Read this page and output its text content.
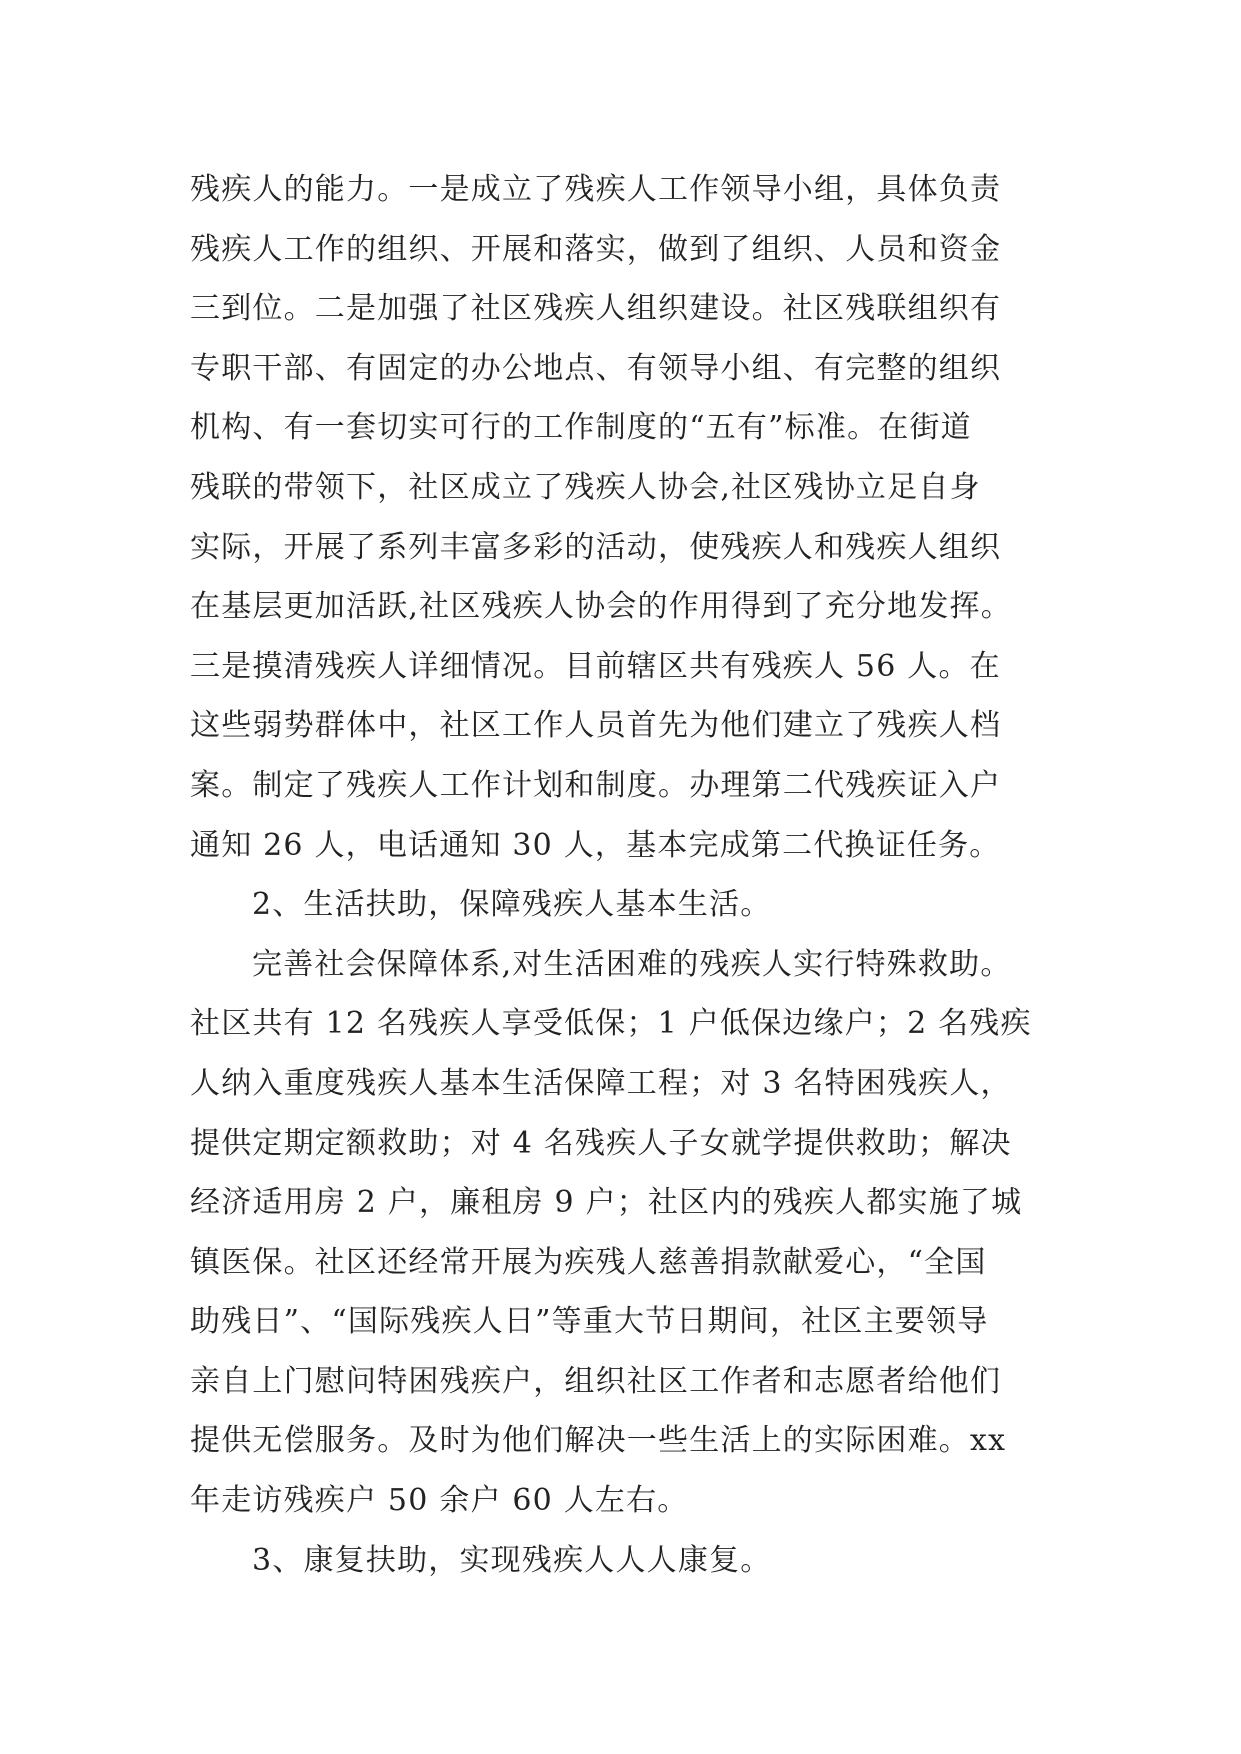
残疾人的能力。一是成立了残疾人工作领导小组，具体负责
残疾人工作的组织、开展和落实，做到了组织、人员和资金
三到位。二是加强了社区残疾人组织建设。社区残联组织有
专职干部、有固定的办公地点、有领导小组、有完整的组织
机构、有一套切实可行的工作制度的“五有”标准。在街道
残联的带领下，社区成立了残疾人协会,社区残协立足自身
实际，开展了系列丰富多彩的活动，使残疾人和残疾人组织
在基层更加活跃,社区残疾人协会的作用得到了充分地发挥。
三是摸清残疾人详细情况。目前辖区共有残疾人 56 人。在
这些弱势群体中，社区工作人员首先为他们建立了残疾人档
案。制定了残疾人工作计划和制度。办理第二代残疾证入户
通知 26 人，电话通知 30 人，基本完成第二代换证任务。
2、生活扶助，保障残疾人基本生活。
完善社会保障体系,对生活困难的残疾人实行特殊救助。
社区共有 12 名残疾人享受低保；1 户低保边缘户；2 名残疾
人纳入重度残疾人基本生活保障工程；对 3 名特困残疾人，
提供定期定额救助；对 4 名残疾人子女就学提供救助；解决
经济适用房 2 户，廉租房 9 户；社区内的残疾人都实施了城
镇医保。社区还经常开展为疾残人慈善捐款献爱心，“全国
助残日”、“国际残疾人日”等重大节日期间，社区主要领导
亲自上门慰问特困残疾户，组织社区工作者和志愿者给他们
提供无偿服务。及时为他们解决一些生活上的实际困难。xx
年走访残疾户 50 余户 60 人左右。
3、康复扶助，实现残疾人人人康复。
